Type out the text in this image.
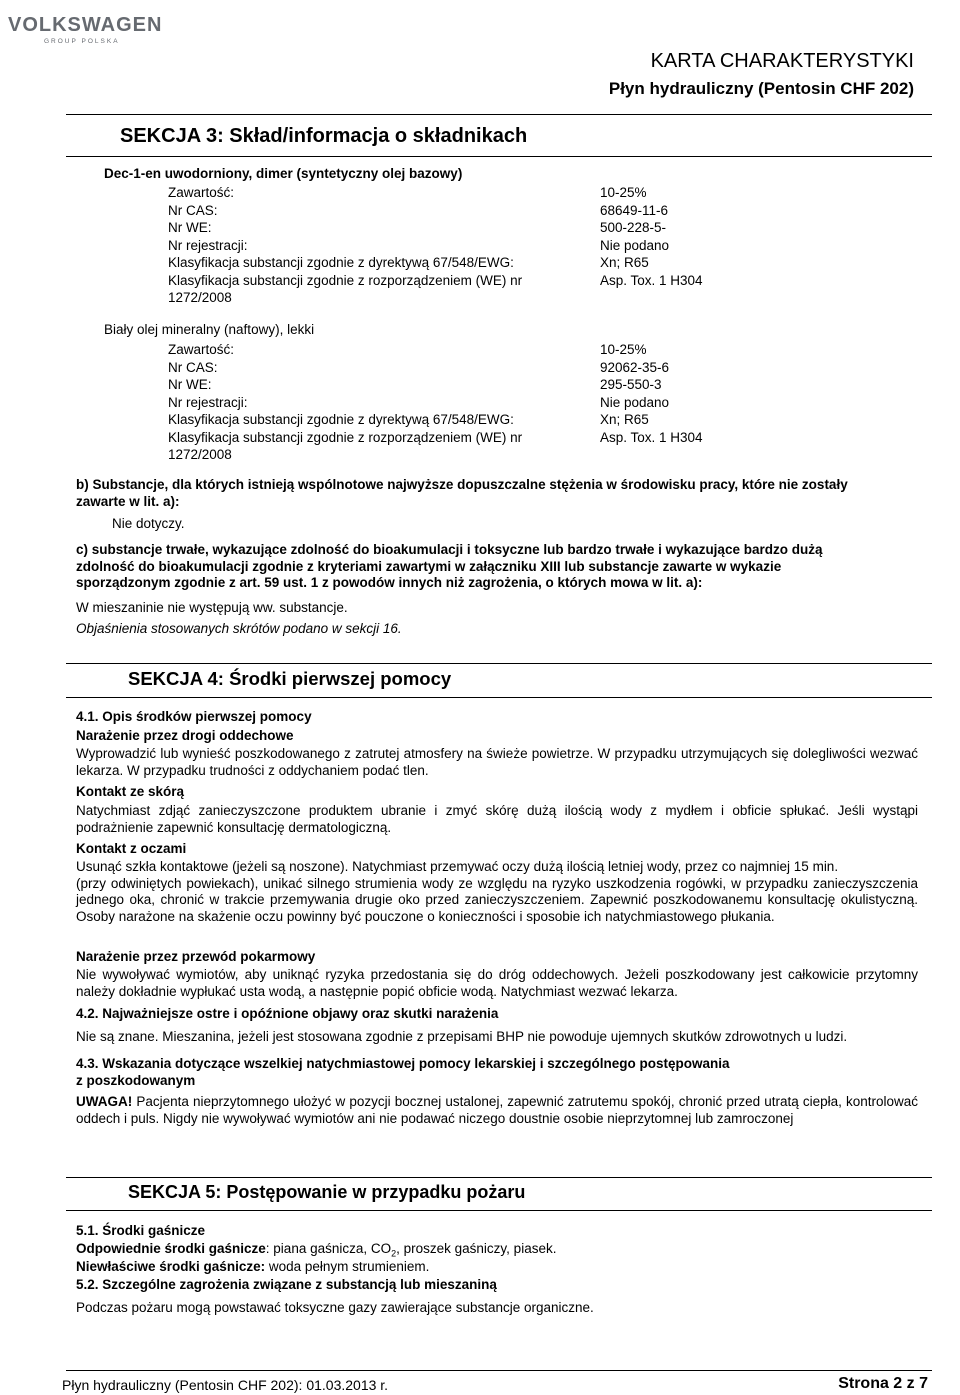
VOLKSWAGEN
GROUP POLSKA
KARTA CHARAKTERYSTYKI
Płyn hydrauliczny (Pentosin CHF 202)
SEKCJA 3: Skład/informacja o składnikach
Dec-1-en uwodorniony, dimer (syntetyczny olej bazowy)
Zawartość:
Nr CAS:
Nr WE:
Nr rejestracji:
Klasyfikacja substancji zgodnie z dyrektywą 67/548/EWG:
Klasyfikacja substancji zgodnie z rozporządzeniem (WE) nr
1272/2008
10-25%
68649-11-6
500-228-5-
Nie podano
Xn; R65
Asp. Tox. 1 H304
Biały olej mineralny (naftowy), lekki
Zawartość:
Nr CAS:
Nr WE:
Nr rejestracji:
Klasyfikacja substancji zgodnie z dyrektywą 67/548/EWG:
Klasyfikacja substancji zgodnie z rozporządzeniem (WE) nr
1272/2008
10-25%
92062-35-6
295-550-3
Nie podano
Xn; R65
Asp. Tox. 1 H304
b) Substancje, dla których istnieją wspólnotowe najwyższe dopuszczalne stężenia w środowisku pracy, które nie zostały
zawarte w lit. a):
Nie dotyczy.
c) substancje trwałe, wykazujące zdolność do bioakumulacji i toksyczne lub bardzo trwałe i wykazujące bardzo dużą
zdolność do bioakumulacji zgodnie z kryteriami zawartymi w załączniku XIII lub substancje zawarte w wykazie
sporządzonym zgodnie z art. 59 ust. 1 z powodów innych niż zagrożenia, o których mowa w lit. a):
W mieszaninie nie występują ww. substancje.
Objaśnienia stosowanych skrótów podano w sekcji 16.
SEKCJA 4: Środki pierwszej pomocy
4.1. Opis środków pierwszej pomocy
Narażenie przez drogi oddechowe
Wyprowadzić lub wynieść poszkodowanego z zatrutej atmosfery na świeże powietrze. W przypadku utrzymujących się dolegliwości wezwać lekarza. W przypadku trudności z oddychaniem podać tlen.
Kontakt ze skórą
Natychmiast zdjąć zanieczyszczone produktem ubranie i zmyć skórę dużą ilością wody z mydłem i obficie spłukać. Jeśli wystąpi podrażnienie zapewnić konsultację dermatologiczną.
Kontakt z oczami

Usunąć szkła kontaktowe (jeżeli są noszone). Natychmiast przemywać oczy dużą ilością letniej wody, przez co najmniej 15 min.

(przy odwiniętych powiekach), unikać silnego strumienia wody ze względu na ryzyko uszkodzenia rogówki, w przypadku zanieczyszczenia jednego oka, chronić w trakcie przemywania drugie oko przed zanieczyszczeniem. Zapewnić poszkodowanemu konsultację okulistyczną. Osoby narażone na skażenie oczu powinny być pouczone o konieczności i sposobie ich natychmiastowego płukania.

Narażenie przez przewód pokarmowy
Nie wywoływać wymiotów, aby uniknąć ryzyka przedostania się do dróg oddechowych. Jeżeli poszkodowany jest całkowicie przytomny należy dokładnie wypłukać usta wodą, a następnie popić obficie wodą. Natychmiast wezwać lekarza.
4.2. Najważniejsze ostre i opóźnione objawy oraz skutki narażenia
Nie są znane. Mieszanina, jeżeli jest stosowana zgodnie z przepisami BHP nie powoduje ujemnych skutków zdrowotnych u ludzi.
4.3. Wskazania dotyczące wszelkiej natychmiastowej pomocy lekarskiej i szczególnego postępowania
z poszkodowanym
UWAGA! Pacjenta nieprzytomnego ułożyć w pozycji bocznej ustalonej, zapewnić zatrutemu spokój, chronić przed utratą ciepła, kontrolować oddech i puls. Nigdy nie wywoływać wymiotów ani nie podawać niczego doustnie osobie nieprzytomnej lub zamroczonej
SEKCJA 5: Postępowanie w przypadku pożaru
5.1. Środki gaśnicze
Odpowiednie środki gaśnicze: piana gaśnicza, $CO_2$, proszek gaśniczy, piasek.
Niewłaściwe środki gaśnicze: woda pełnym strumieniem.
5.2. Szczególne zagrożenia związane z substancją lub mieszaniną
Podczas pożaru mogą powstawać toksyczne gazy zawierające substancje organiczne.
Płyn hydrauliczny (Pentosin CHF 202): 01.03.2013 r.	Strona 2 z 7
